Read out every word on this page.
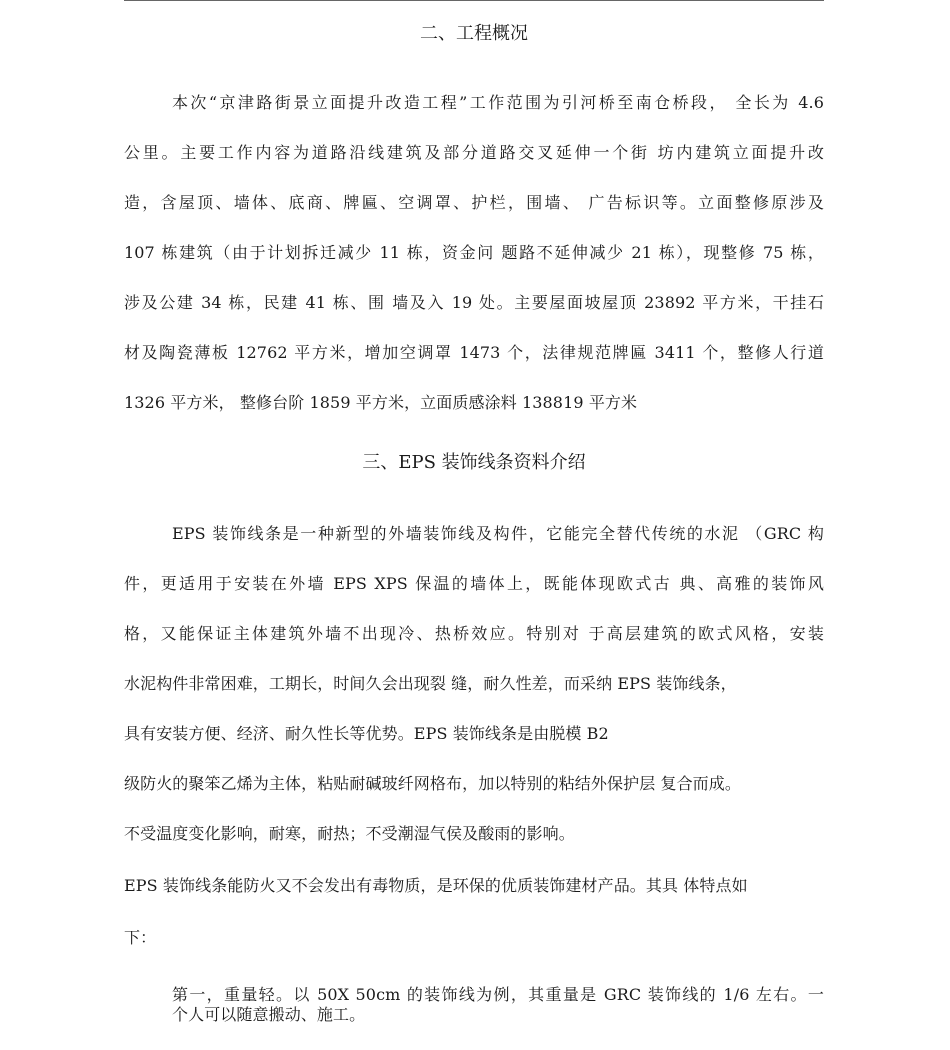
二、工程概况
本次“京津路街景立面提升改造工程”工作范围为引河桥至南仓桥段， 全长为 4.6
公里。主要工作内容为道路沿线建筑及部分道路交叉延伸一个街 坊内建筑立面提升改
造，含屋顶、墙体、底商、牌匾、空调罩、护栏，围墙、 广告标识等。立面整修原涉及
107 栋建筑（由于计划拆迁减少 11 栋，资金问 题路不延伸减少 21 栋），现整修 75 栋，
涉及公建 34 栋，民建 41 栋、围 墙及入 19 处。主要屋面坡屋顶 23892 平方米，干挂石
材及陶瓷薄板 12762 平方米，增加空调罩 1473 个，法律规范牌匾 3411 个，整修人行道
1326 平方米， 整修台阶 1859 平方米，立面质感涂料 138819 平方米
三、EPS 装饰线条资料介绍
EPS 装饰线条是一种新型的外墙装饰线及构件，它能完全替代传统的水泥 （GRC 构
件，更适用于安装在外墙 EPS XPS 保温的墙体上，既能体现欧式古 典、高雅的装饰风
格，又能保证主体建筑外墙不出现冷、热桥效应。特别对 于高层建筑的欧式风格，安装
水泥构件非常困难，工期长，时间久会出现裂 缝，耐久性差，而采纳 EPS 装饰线条，
具有安装方便、经济、耐久性长等优势。EPS 装饰线条是由脱模 B2
级防火的聚笨乙烯为主体，粘贴耐碱玻纤网格布，加以特别的粘结外保护层 复合而成。
不受温度变化影响，耐寒，耐热；不受潮湿气侯及酸雨的影响。
EPS 装饰线条能防火又不会发出有毒物质，是环保的优质装饰建材产品。其具 体特点如
下：
第一，重量轻。以 50X 50cm 的装饰线为例，其重量是 GRC 装饰线的 1/6 左右。一
个人可以随意搬动、施工。
